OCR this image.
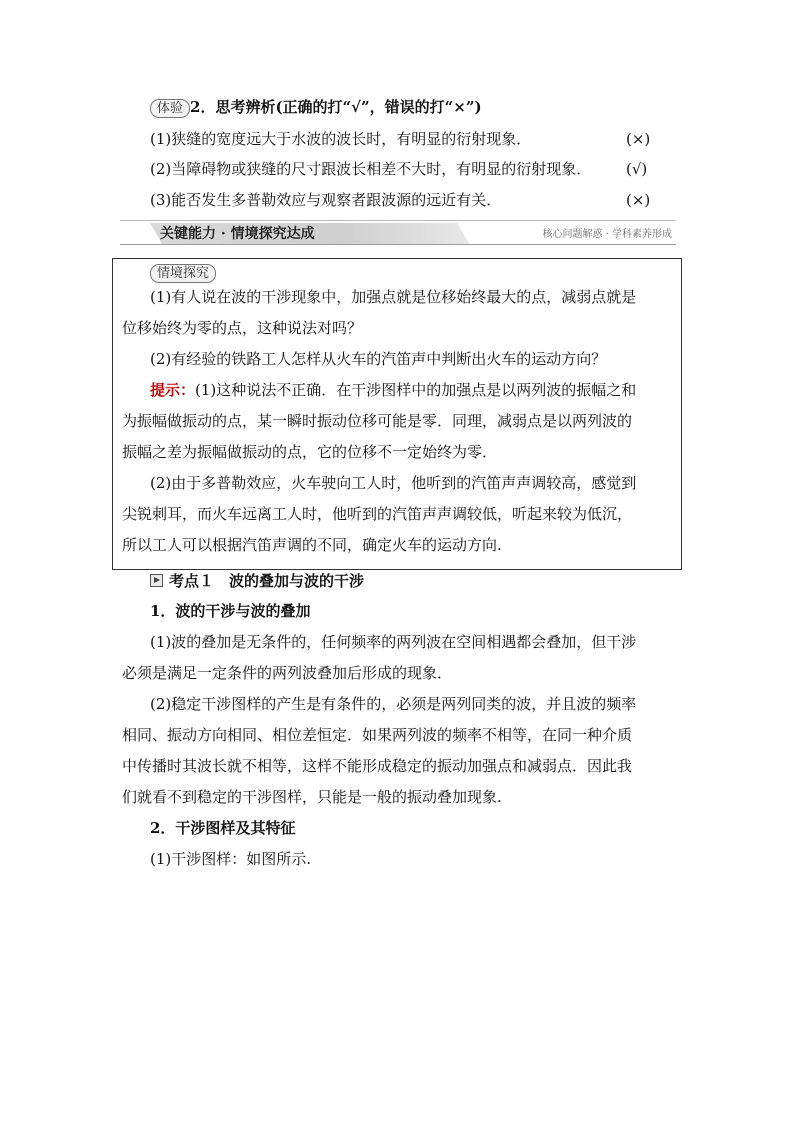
体验 2．思考辨析(正确的打“√”，错误的打“×”)
(1)狭缝的宽度远大于水波的波长时，有明显的衍射现象．	(×)
(2)当障碍物或狭缝的尺寸跟波长相差不大时，有明显的衍射现象． (√)
(3)能否发生多普勒效应与观察者跟波源的远近有关．	(×)
关键能力 · 情境探究达成	核心问题解惑 · 学科素养形成
情境探究
(1)有人说在波的干涉现象中，加强点就是位移始终最大的点，减弱点就是
位移始终为零的点，这种说法对吗？
(2)有经验的铁路工人怎样从火车的汽笛声中判断出火车的运动方向？
提示：(1)这种说法不正确．在干涉图样中的加强点是以两列波的振幅之和
为振幅做振动的点，某一瞬时振动位移可能是零．同理，减弱点是以两列波的
振幅之差为振幅做振动的点，它的位移不一定始终为零．
(2)由于多普勒效应，火车驶向工人时，他听到的汽笛声声调较高，感觉到
尖锐刺耳，而火车远离工人时，他听到的汽笛声声调较低，听起来较为低沉，
所以工人可以根据汽笛声调的不同，确定火车的运动方向.
考点１　波的叠加与波的干涉
1．波的干涉与波的叠加
(1)波的叠加是无条件的，任何频率的两列波在空间相遇都会叠加，但干涉
必须是满足一定条件的两列波叠加后形成的现象．
(2)稳定干涉图样的产生是有条件的，必须是两列同类的波，并且波的频率
相同、振动方向相同、相位差恒定．如果两列波的频率不相等，在同一种介质
中传播时其波长就不相等，这样不能形成稳定的振动加强点和减弱点．因此我
们就看不到稳定的干涉图样，只能是一般的振动叠加现象.
2．干涉图样及其特征
(1)干涉图样：如图所示.
